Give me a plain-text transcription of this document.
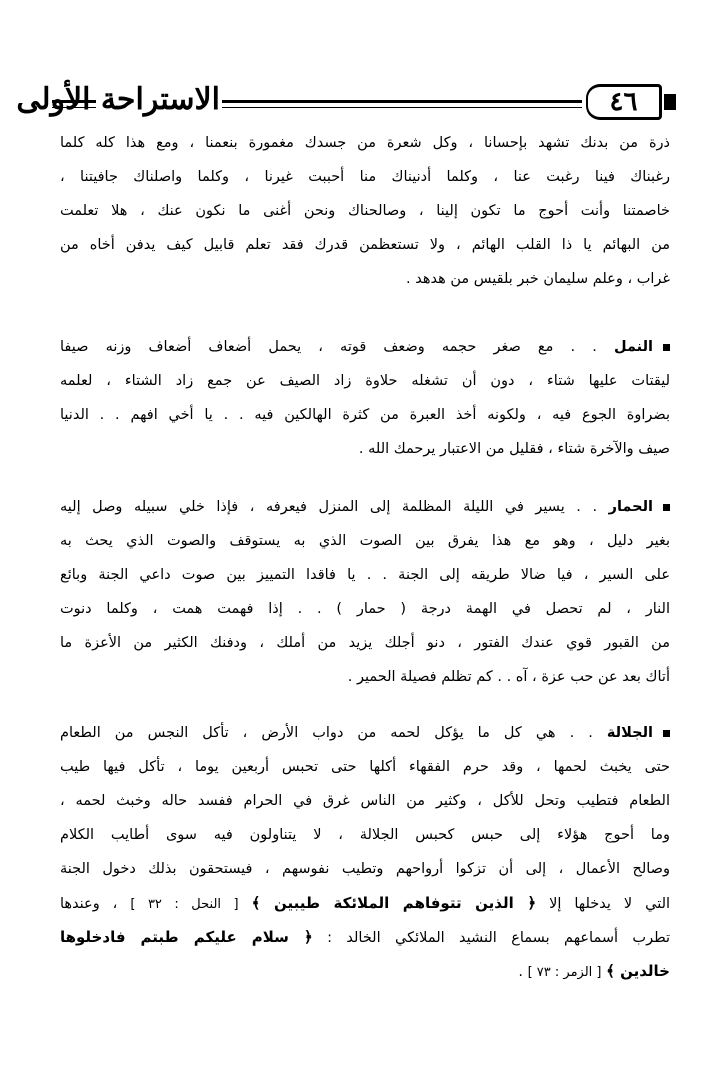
الاستراحة الأولى	٤٦
ذرة من بدنك تشهد بإحسانا ، وكل شعرة من جسدك مغمورة بنعمنا ، ومع هذا كله كلما
رغبناك فينا رغبت عنا ، وكلما أدنيناك منا أحببت غيرنا ، وكلما واصلناك جافيتنا ،
خاصمتنا وأنت أحوج ما تكون إلينا ، وصالحناك ونحن أغنى ما نكون عنك ، هلا تعلمت
من البهائم يا ذا القلب الهائم ، ولا تستعظمن قدرك فقد تعلم قابيل كيف يدفن أخاه من
غراب ، وعلم سليمان خبر بلقيس من هدهد .
النمل . . مع صغر حجمه وضعف قوته ، يحمل أضعاف أضعاف وزنه صيفا
ليقتات عليها شتاء ، دون أن تشغله حلاوة زاد الصيف عن جمع زاد الشتاء ، لعلمه
بضراوة الجوع فيه ، ولكونه أخذ العبرة من كثرة الهالكين فيه . . يا أخي افهم . . الدنيا
صيف والآخرة شتاء ، فقليل من الاعتبار يرحمك الله .
الحمار . . يسير في الليلة المظلمة إلى المنزل فيعرفه ، فإذا خلي سبيله وصل إليه
بغير دليل ، وهو مع هذا يفرق بين الصوت الذي به يستوقف والصوت الذي يحث به
على السير ، فيا ضالا طريقه إلى الجنة . . يا فاقدا التمييز بين صوت داعي الجنة وبائع
النار ، لم تحصل في الهمة درجة ( حمار ) . . إذا فهمت همت ، وكلما دنوت
من القبور قوي عندك الفتور ، دنو أجلك يزيد من أملك ، ودفنك الكثير من الأعزة ما
أتاك بعد عن حب عزة ، آه . . كم تظلم فصيلة الحمير .
الجلالة . . هي كل ما يؤكل لحمه من دواب الأرض ، تأكل النجس من الطعام
حتى يخبث لحمها ، وقد حرم الفقهاء أكلها حتى تحبس أربعين يوما ، تأكل فيها طيب
الطعام فتطيب وتحل للأكل ، وكثير من الناس غرق في الحرام ففسد حاله وخبث لحمه ،
وما أحوج هؤلاء إلى حبس كحبس الجلالة ، لا يتناولون فيه سوى أطايب الكلام
وصالح الأعمال ، إلى أن تزكوا أرواحهم وتطيب نفوسهم ، فيستحقون بذلك دخول الجنة
التي لا يدخلها إلا ﴿ الذين تتوفاهم الملائكة طيبين ﴾ [ النحل : ٣٢ ] ، وعندها
تطرب أسماعهم بسماع النشيد الملائكي الخالد : ﴿ سلام عليكم طبتم فادخلوها
خالدين ﴾ [ الزمر : ٧٣ ] .
